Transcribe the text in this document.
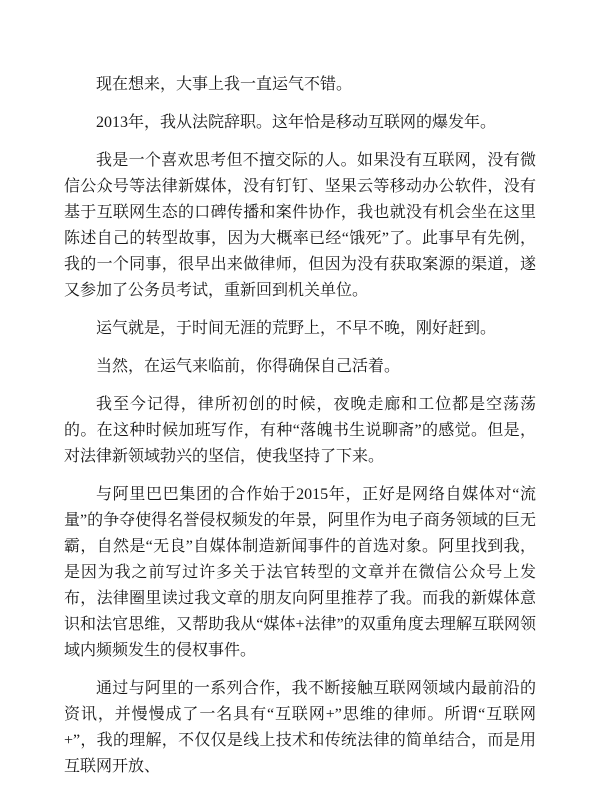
现在想来，大事上我一直运气不错。

2013年，我从法院辞职。这年恰是移动互联网的爆发年。

我是一个喜欢思考但不擅交际的人。如果没有互联网，没有微信公众号等法律新媒体，没有钉钉、坚果云等移动办公软件，没有基于互联网生态的口碑传播和案件协作，我也就没有机会坐在这里陈述自己的转型故事，因为大概率已经“饿死”了。此事早有先例，我的一个同事，很早出来做律师，但因为没有获取案源的渠道，遂又参加了公务员考试，重新回到机关单位。

运气就是，于时间无涯的荒野上，不早不晚，刚好赶到。

当然，在运气来临前，你得确保自己活着。

我至今记得，律所初创的时候，夜晚走廊和工位都是空荡荡的。在这种时候加班写作，有种“落魄书生说聊斋”的感觉。但是，对法律新领域勃兴的坚信，使我坚持了下来。

与阿里巴巴集团的合作始于2015年，正好是网络自媒体对“流量”的争夺使得名誉侵权频发的年景，阿里作为电子商务领域的巨无霸，自然是“无良”自媒体制造新闻事件的首选对象。阿里找到我，是因为我之前写过许多关于法官转型的文章并在微信公众号上发布，法律圈里读过我文章的朋友向阿里推荐了我。而我的新媒体意识和法官思维，又帮助我从“媒体+法律”的双重角度去理解互联网领域内频频发生的侵权事件。

通过与阿里的一系列合作，我不断接触互联网领域内最前沿的资讯，并慢慢成了一名具有“互联网+”思维的律师。所谓“互联网+”，我的理解，不仅仅是线上技术和传统法律的简单结合，而是用互联网开放、
